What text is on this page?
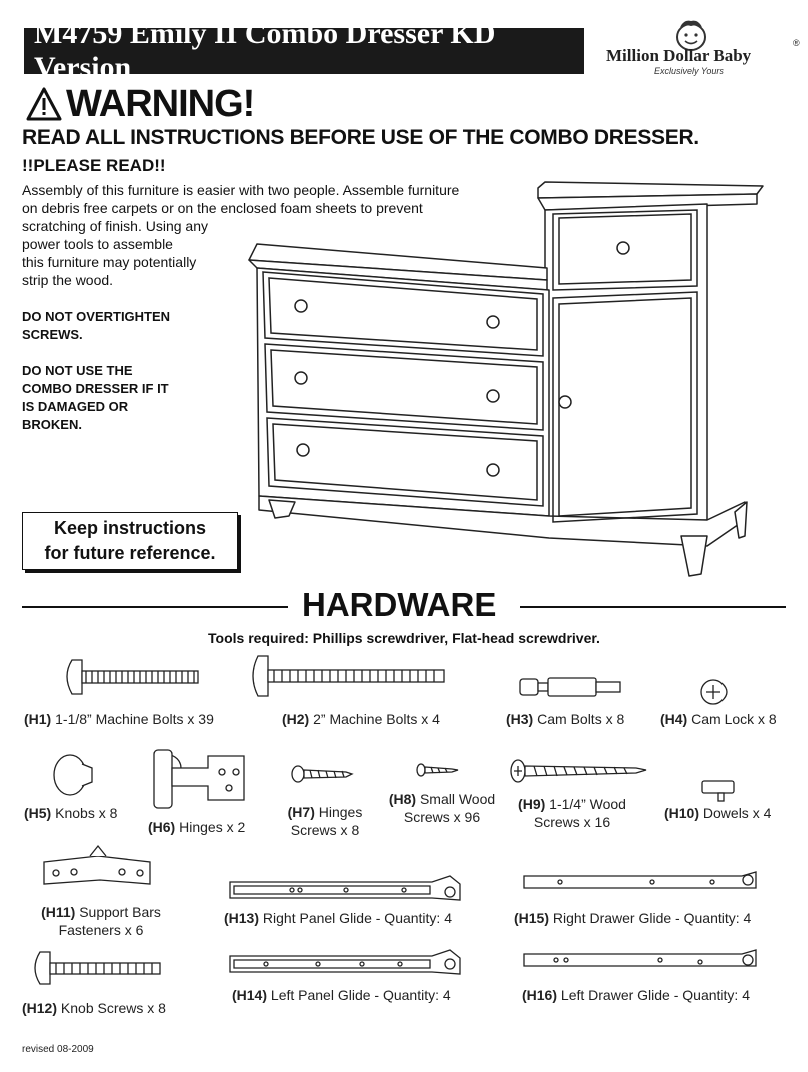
M4759 Emily II Combo Dresser KD Version	Million Dollar Baby
®
Exclusively Yours
WARNING!
READ ALL INSTRUCTIONS BEFORE USE OF THE COMBO DRESSER.
!!PLEASE READ!!
Assembly of this furniture is easier with two people. Assemble furniture
on debris free carpets or on the enclosed foam sheets to prevent
scratching of finish. Using any
power tools to assemble
this furniture may potentially
strip the wood.
DO NOT OVERTIGHTEN
SCREWS.
DO NOT USE THE
COMBO DRESSER IF IT
IS DAMAGED OR
BROKEN.
Keep instructions
for future reference.
HARDWARE
Tools required: Phillips screwdriver, Flat-head screwdriver.
(H1) 1-1/8” Machine Bolts x 39	(H2) 2” Machine Bolts x 4	(H3) Cam Bolts x 8	(H4) Cam Lock x 8
(H5) Knobs x 8
(H6) Hinges x 2
(H7) Hinges
Screws x 8
(H8) Small Wood
Screws x 96
(H9) 1-1/4” Wood
Screws x 16
(H10) Dowels x 4
(H11) Support Bars
Fasteners x 6
(H13) Right Panel Glide - Quantity: 4	(H15) Right Drawer Glide - Quantity: 4
(H12) Knob Screws x 8
(H14) Left Panel Glide - Quantity: 4	(H16) Left Drawer Glide - Quantity: 4
revised 08-2009
